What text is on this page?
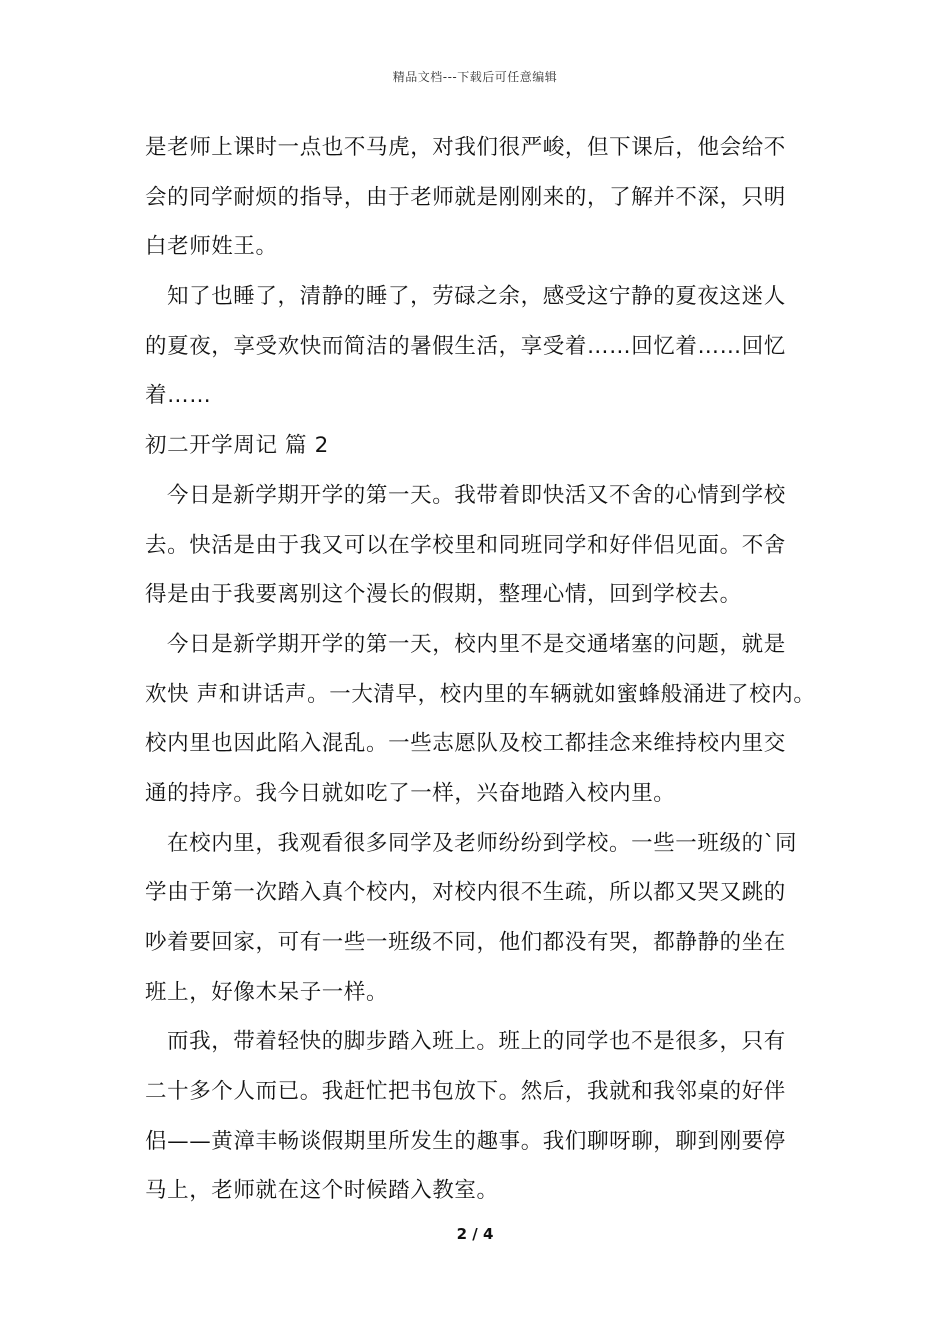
精品文档---下载后可任意编辑
是老师上课时一点也不马虎，对我们很严峻，但下课后，他会给不
会的同学耐烦的指导，由于老师就是刚刚来的，了解并不深，只明
白老师姓王。
知了也睡了，清静的睡了，劳碌之余，感受这宁静的夏夜这迷人
的夏夜，享受欢快而简洁的暑假生活，享受着……回忆着……回忆
着……
初二开学周记 篇 2
今日是新学期开学的第一天。我带着即快活又不舍的心情到学校
去。快活是由于我又可以在学校里和同班同学和好伴侣见面。不舍
得是由于我要离别这个漫长的假期，整理心情，回到学校去。
今日是新学期开学的第一天，校内里不是交通堵塞的问题，就是
欢快 声和讲话声。一大清早，校内里的车辆就如蜜蜂般涌进了校内。
校内里也因此陷入混乱。一些志愿队及校工都挂念来维持校内里交
通的持序。我今日就如吃了一样，兴奋地踏入校内里。
在校内里，我观看很多同学及老师纷纷到学校。一些一班级的`同
学由于第一次踏入真个校内，对校内很不生疏，所以都又哭又跳的
吵着要回家，可有一些一班级不同，他们都没有哭，都静静的坐在
班上，好像木呆子一样。
而我，带着轻快的脚步踏入班上。班上的同学也不是很多，只有
二十多个人而已。我赶忙把书包放下。然后，我就和我邻桌的好伴
侣——黄漳丰畅谈假期里所发生的趣事。我们聊呀聊，聊到刚要停
马上，老师就在这个时候踏入教室。
2 / 4
